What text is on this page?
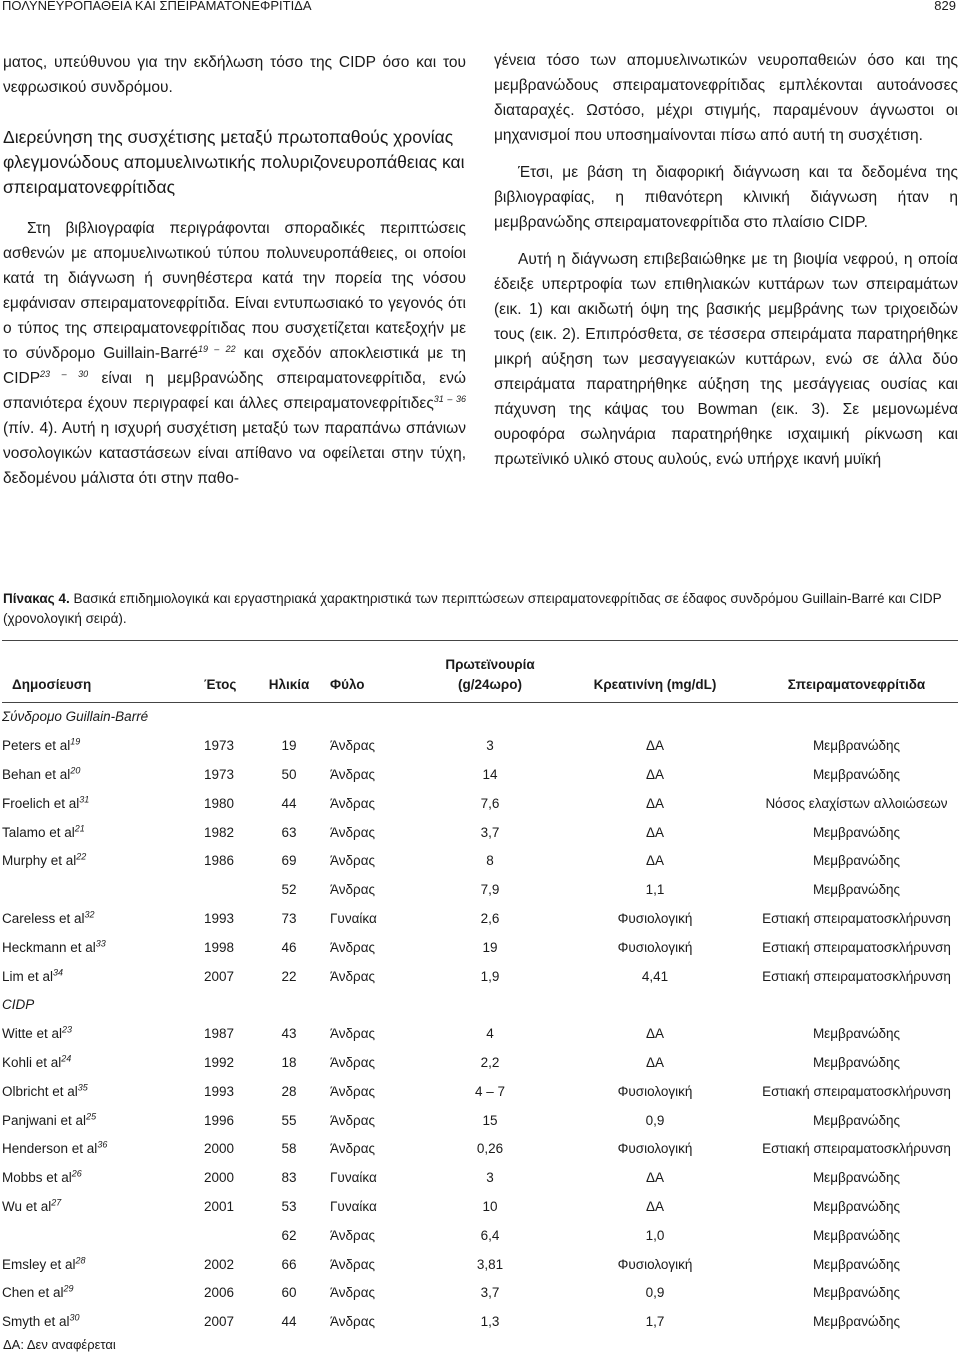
ΠΟΛΥΝΕΥΡΟΠΑΘΕΙΑ ΚΑΙ ΣΠΕΙΡΑΜΑΤΟΝΕΦΡΙΤΙΔΑ	829

ματος, υπεύθυνου για την εκδήλωση τόσο της CIDP όσο και του νεφρωσικού συνδρόμου.

Διερεύνηση της συσχέτισης μεταξύ πρωτοπαθούς χρονίας φλεγμονώδους απομυελινωτικής πολυριζονευροπάθειας και σπειραματονεφρίτιδας

Στη βιβλιογραφία περιγράφονται σποραδικές περιπτώσεις ασθενών με απομυελινωτικού τύπου πολυνευροπάθειες, οι οποίοι κατά τη διάγνωση ή συνηθέστερα κατά την πορεία της νόσου εμφάνισαν σπειραματονεφρίτιδα. Είναι εντυπωσιακό το γεγονός ότι ο τύπος της σπειραματονεφρίτιδας που συσχετίζεται κατεξοχήν με το σύνδρομο Guillain-Barré$^{19 - 22}$ και σχεδόν αποκλειστικά με τη CIDP$^{23 - 30}$ είναι η μεμβρανώδης σπειραματονεφρίτιδα, ενώ σπανιότερα έχουν περιγραφεί και άλλες σπειραματονεφρίτιδες$^{31 - 36}$ (πίν. 4). Αυτή η ισχυρή συσχέτιση μεταξύ των παραπάνω σπάνιων νοσολογικών καταστάσεων είναι απίθανο να οφείλεται στην τύχη, δεδομένου μάλιστα ότι στην παθο-

γένεια τόσο των απομυελινωτικών νευροπαθειών όσο και της μεμβρανώδους σπειραματονεφρίτιδας εμπλέκονται αυτοάνοσες διαταραχές. Ωστόσο, μέχρι στιγμής, παραμένουν άγνωστοι οι μηχανισμοί που υποσημαίνονται πίσω από αυτή τη συσχέτιση.

Έτσι, με βάση τη διαφορική διάγνωση και τα δεδομένα της βιβλιογραφίας, η πιθανότερη κλινική διάγνωση ήταν η μεμβρανώδης σπειραματονεφρίτιδα στο πλαίσιο CIDP.

Αυτή η διάγνωση επιβεβαιώθηκε με τη βιοψία νεφρού, η οποία έδειξε υπερτροφία των επιθηλιακών κυττάρων των σπειραμάτων (εικ. 1) και ακιδωτή όψη της βασικής μεμβράνης των τριχοειδών τους (εικ. 2). Επιπρόσθετα, σε τέσσερα σπειράματα παρατηρήθηκε μικρή αύξηση των μεσαγγειακών κυττάρων, ενώ σε άλλα δύο σπειράματα παρατηρήθηκε αύξηση της μεσάγγειας ουσίας και πάχυνση της κάψας του Bowman (εικ. 3). Σε μεμονωμένα ουροφόρα σωληνάρια παρατηρήθηκε ισχαιμική ρίκνωση και πρωτεϊνικό υλικό στους αυλούς, ενώ υπήρχε ικανή μυϊκή

Πίνακας 4. Βασικά επιδημιολογικά και εργαστηριακά χαρακτηριστικά των περιπτώσεων σπειραματονεφρίτιδας σε έδαφος συνδρόμου Guillain-Barré και CIDP (χρονολογική σειρά).
Δημοσίευση	Έτος	Ηλικία	Φύλο	Πρωτεϊνουρία
(g/24ωρο)	Κρεατινίνη (mg/dL)	Σπειραματονεφρίτιδα
Σύνδρομο Guillain-Barré						
Peters et $al^{19}$	1973	19	Άνδρας	3	ΔΑ	Μεμβρανώδης
Behan et $al^{20}$	1973	50	Άνδρας	14	ΔΑ	Μεμβρανώδης
Froelich et $al^{31}$	1980	44	Άνδρας	7,6	ΔΑ	Νόσος ελαχίστων αλλοιώσεων
Talamo et $al^{21}$	1982	63	Άνδρας	3,7	ΔΑ	Μεμβρανώδης
Murphy et $al^{22}$	1986	69	Άνδρας	8	ΔΑ	Μεμβρανώδης
		52	Άνδρας	7,9	1,1	Μεμβρανώδης
Careless et $al^{32}$	1993	73	Γυναίκα	2,6	Φυσιολογική	Εστιακή σπειραματοσκλήρυνση
Heckmann et $al^{33}$	1998	46	Άνδρας	19	Φυσιολογική	Εστιακή σπειραματοσκλήρυνση
Lim et $al^{34}$	2007	22	Άνδρας	1,9	4,41	Εστιακή σπειραματοσκλήρυνση
CIDP						
Witte et $al^{23}$	1987	43	Άνδρας	4	ΔΑ	Μεμβρανώδης
Kohli et $al^{24}$	1992	18	Άνδρας	2,2	ΔΑ	Μεμβρανώδης
Olbricht et $al^{35}$	1993	28	Άνδρας	4 – 7	Φυσιολογική	Εστιακή σπειραματοσκλήρυνση
Panjwani et $al^{25}$	1996	55	Άνδρας	15	0,9	Μεμβρανώδης
Henderson et $al^{36}$	2000	58	Άνδρας	0,26	Φυσιολογική	Εστιακή σπειραματοσκλήρυνση
Mobbs et $al^{26}$	2000	83	Γυναίκα	3	ΔΑ	Μεμβρανώδης
Wu et $al^{27}$	2001	53	Γυναίκα	10	ΔΑ	Μεμβρανώδης
		62	Άνδρας	6,4	1,0	Μεμβρανώδης
Emsley et $al^{28}$	2002	66	Άνδρας	3,81	Φυσιολογική	Μεμβρανώδης
Chen et $al^{29}$	2006	60	Άνδρας	3,7	0,9	Μεμβρανώδης
Smyth et $al^{30}$	2007	44	Άνδρας	1,3	1,7	Μεμβρανώδης
ΔΑ: Δεν αναφέρεται
